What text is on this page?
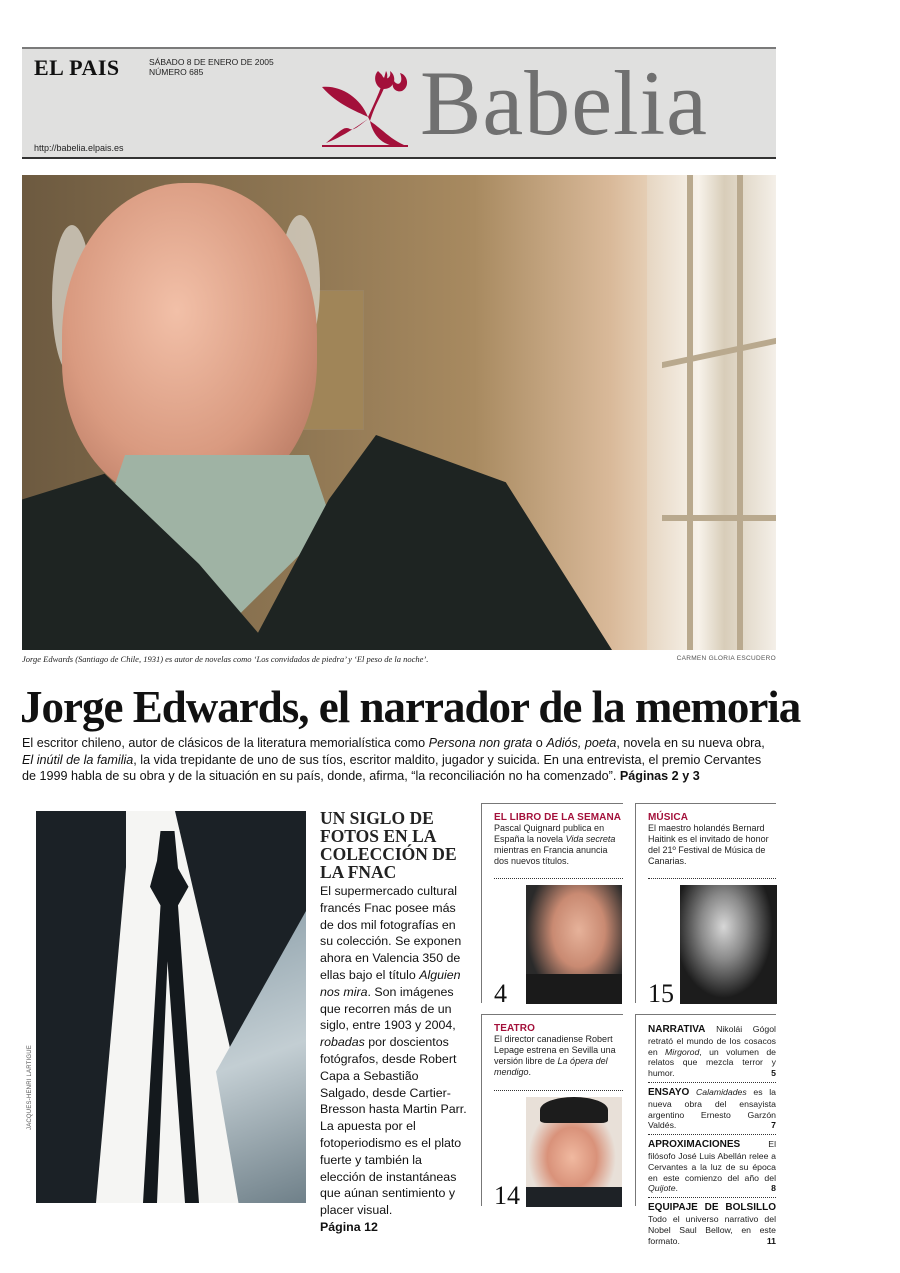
EL PAIS	SÁBADO 8 DE ENERO DE 2005
NÚMERO 685
http://babelia.elpais.es	Babelia
Jorge Edwards (Santiago de Chile, 1931) es autor de novelas como ‘Los convidados de piedra’ y ‘El peso de la noche’.	CARMEN GLORIA ESCUDERO
Jorge Edwards, el narrador de la memoria

El escritor chileno, autor de clásicos de la literatura memorialística como Persona non grata o Adiós, poeta, novela en su nueva obra, El inútil de la familia, la vida trepidante de uno de sus tíos, escritor maldito, jugador y suicida. En una entrevista, el premio Cervantes de 1999 habla de su obra y de la situación en su país, donde, afirma, “la reconciliación no ha comenzado”. Páginas 2 y 3

JACQUES-HENRI LARTIGUE
UN SIGLO DE FOTOS EN LA COLECCIÓN DE LA FNAC

El supermercado cultural francés Fnac posee más de dos mil fotografías en su colección. Se exponen ahora en Valencia 350 de ellas bajo el título Alguien nos mira. Son imágenes que recorren más de un siglo, entre 1903 y 2004, robadas por doscientos fotógrafos, desde Robert Capa a Sebastião Salgado, desde Cartier-Bresson hasta Martin Parr. La apuesta por el fotoperiodismo es el plato fuerte y también la elección de instantáneas que aúnan sentimiento y placer visual.
Página 12

EL LIBRO DE LA SEMANA
Pascal Quignard publica en España la novela Vida secreta mientras en Francia anuncia dos nuevos títulos.
4
MÚSICA
El maestro holandés Bernard Haitink es el invitado de honor del 21º Festival de Música de Canarias.
15
TEATRO
El director canadiense Robert Lepage estrena en Sevilla una versión libre de La ópera del mendigo.
14
NARRATIVA Nikolái Gógol retrató el mundo de los cosacos en Mirgorod, un volumen de relatos que mezcla terror y humor.	5
ENSAYO Calamidades es la nueva obra del ensayista argentino Ernesto Garzón Valdés.	7
APROXIMACIONES El filósofo José Luis Abellán relee a Cervantes a la luz de su época en este comienzo del año del Quijote.	8
EQUIPAJE DE BOLSILLO Todo el universo narrativo del Nobel Saul Bellow, en este formato.	11
